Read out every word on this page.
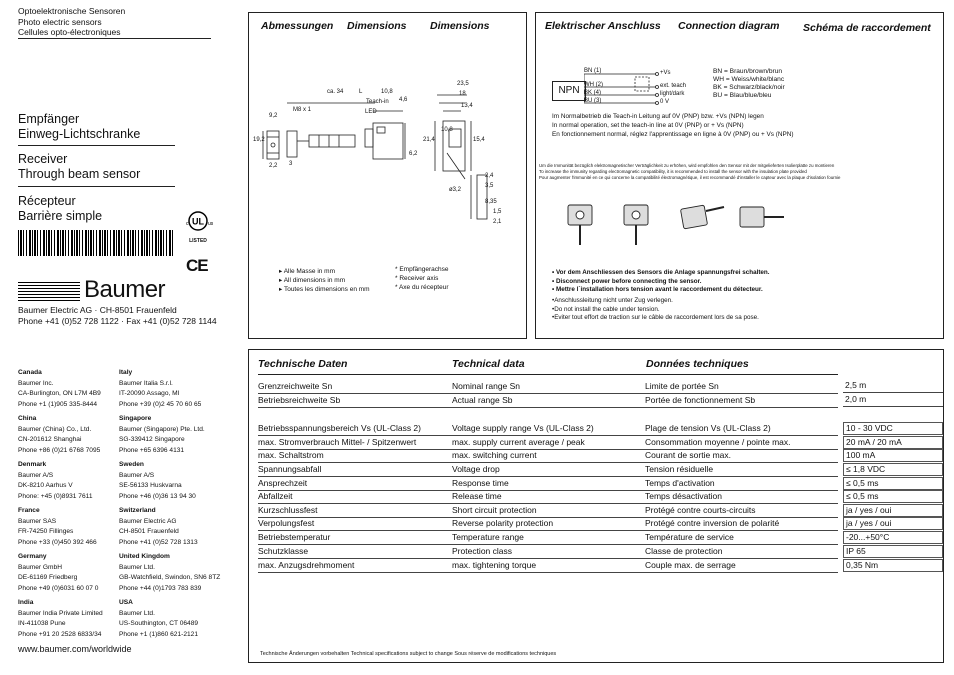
Optoelektronische Sensoren
Photo electric sensors
Cellules opto-électroniques
Empfänger
Einweg-Lichtschranke
Receiver
Through beam sensor
Récepteur
Barrière simple	UL
c	us
LISTED
CE
Baumer
Baumer Electric AG · CH-8501 Frauenfeld
Phone +41 (0)52 728 1122 · Fax +41 (0)52 728 1144
Canada
Baumer Inc.
CA-Burlington, ON L7M 4B9
Phone +1 (1)905 335-8444
Italy
Baumer Italia S.r.l.
IT-20090 Assago, MI
Phone +39 (0)2 45 70 60 65
China
Baumer (China) Co., Ltd.
CN-201612 Shanghai
Phone +86 (0)21 6768 7095
Singapore
Baumer (Singapore) Pte. Ltd.
SG-339412 Singapore
Phone +65 6396 4131
Denmark
Baumer A/S
DK-8210 Aarhus V
Phone: +45 (0)8931 7611
Sweden
Baumer A/S
SE-56133 Huskvarna
Phone +46 (0)36 13 94 30
France
Baumer SAS
FR-74250 Fillinges
Phone +33 (0)450 392 466
Switzerland
Baumer Electric AG
CH-8501 Frauenfeld
Phone +41 (0)52 728 1313
Germany
Baumer GmbH
DE-61169 Friedberg
Phone +49 (0)6031 60 07 0
United Kingdom
Baumer Ltd.
GB-Watchfield, Swindon, SN6 8TZ
Phone +44 (0)1793 783 839
India
Baumer India Private Limited
IN-411038 Pune
Phone +91 20 2528 6833/34
USA
Baumer Ltd.
US-Southington, CT 06489
Phone +1 (1)860 621-2121
www.baumer.com/worldwide
Abmessungen Dimensions Dimensions
ca. 34	L	10,8
23,5
18
13,4
4,6
Teach-in
LED
9,2
M8 x 1
2,2
19,2
3
6,2
21,4
10,8
15,4
2,4
3,5
8,35
1,5
2,1
ø3,2
▸ Alle Masse in mm
▸ All dimensions in mm
▸ Toutes les dimensions en mm
* Empfängerachse
* Receiver axis
* Axe du récepteur
Elektrischer Anschluss Connection diagram Schéma de raccordement
NPN
BN (1)
WH (2)
BK (4)
BU (3)
+Vs
ext. teach
light/dark
0 V
BN = Braun/brown/brun
WH = Weiss/white/blanc
BK = Schwarz/black/noir
BU = Blau/blue/bleu
Im Normalbetrieb die Teach-in Leitung auf 0V (PNP) bzw. +Vs (NPN) legen
In normal operation, set the teach-in line at 0V (PNP) or + Vs (NPN)
En fonctionnement normal, réglez l'apprentissage en ligne à 0V (PNP) ou + Vs (NPN)
Um die Immunität bezüglich elektromagnetischer Verträglichkeit zu erhöhen, wird empfohlen den Sensor mit der mitgelieferten Isolierplatte zu montieren
To increase the immunity regarding electromagnetic compatibility, it is recommended to install the sensor with the insulation plate provided
Pour augmenter l'immunité en ce qui concerne la compatibilité électromagnétique, il est recommandé d'installer le capteur avec la plaque d'isolation fournie
• Vor dem Anschliessen des Sensors die Anlage spannungsfrei schalten.
• Disconnect power before connecting the sensor.
• Mettre l´installation hors tension avant le raccordement du détecteur.
•Anschlussleitung nicht unter Zug verlegen.
•Do not install the cable under tension.
•Eviter tout effort de traction sur le câble de raccordement lors de sa pose.
Technische Daten	Technical data	Données techniques
Grenzreichweite Sn	Nominal range Sn	Limite de portée Sn	2,5 m
Betriebsreichweite Sb	Actual range Sb	Portée de fonctionnement Sb	2,0 m
Betriebsspannungsbereich Vs (UL-Class 2)	Voltage supply range Vs (UL-Class 2)	Plage de tension Vs (UL-Class 2)	10 - 30 VDC
max. Stromverbrauch Mittel- / Spitzenwert	max. supply current average / peak	Consommation moyenne / pointe max.	20 mA / 20 mA
max. Schaltstrom	max. switching current	Courant de sortie max.	100 mA
Spannungsabfall	Voltage drop	Tension résiduelle	≤ 1,8 VDC
Ansprechzeit	Response time	Temps d'activation	≤ 0,5 ms
Abfallzeit	Release time	Temps désactivation	≤ 0,5 ms
Kurzschlussfest	Short circuit protection	Protégé contre courts-circuits	ja / yes / oui
Verpolungsfest	Reverse polarity protection	Protégé contre inversion de polarité	ja / yes / oui
Betriebstemperatur	Temperature range	Température de service	-20...+50°C
Schutzklasse	Protection class	Classe de protection	IP 65
max. Anzugsdrehmoment	max. tightening torque	Couple max. de serrage	0,35 Nm
Technische Änderungen vorbehalten Technical specifications subject to change Sous réserve de modifications techniques
